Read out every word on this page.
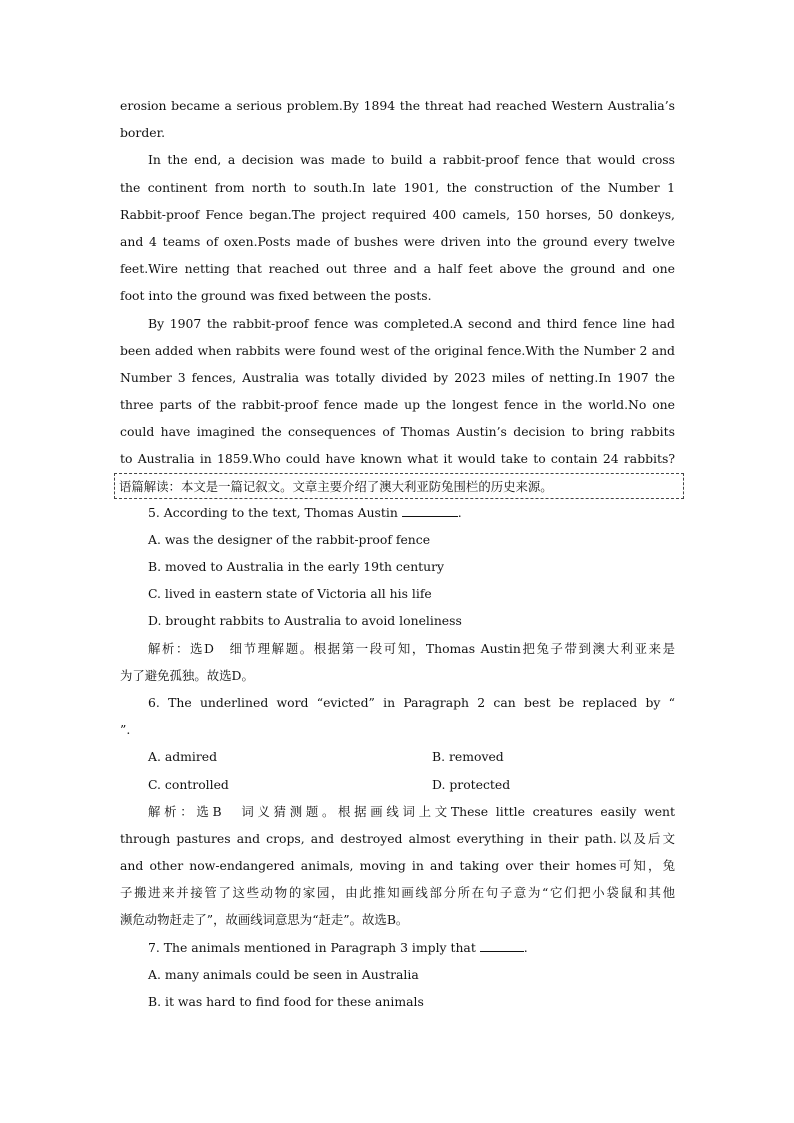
erosion became a serious problem.By 1894 the threat had reached Western Australia’s
border.
In the end, a decision was made to build a rabbit-proof fence that would cross
the continent from north to south.In late 1901, the construction of the Number 1
Rabbit-proof Fence began.The project required 400 camels, 150 horses, 50 donkeys,
and 4 teams of oxen.Posts made of bushes were driven into the ground every twelve
feet.Wire netting that reached out three and a half feet above the ground and one
foot into the ground was fixed between the posts.
By 1907 the rabbit-proof fence was completed.A second and third fence line had
been added when rabbits were found west of the original fence.With the Number 2 and
Number 3 fences, Australia was totally divided by 2023 miles of netting.In 1907 the
three parts of the rabbit-proof fence made up the longest fence in the world.No one
could have imagined the consequences of Thomas Austin’s decision to bring rabbits
to Australia in 1859.Who could have known what it would take to contain 24 rabbits?
语篇解读：本文是一篇记叙文。文章主要介绍了澳大利亚防兔围栏的历史来源。
5. According to the text, Thomas Austin	.
A. was the designer of the rabbit-proof fence
B. moved to Australia in the early 19th century
C. lived in eastern state of Victoria all his life
D. brought rabbits to Australia to avoid loneliness
解析：选D　细节理解题。根据第一段可知，Thomas Austin把兔子带到澳大利亚来是
为了避免孤独。故选D。
6. The underlined word “evicted” in Paragraph 2 can best be replaced by “
”.
A. admired	B. removed
C. controlled	D. protected
解析：选B　词义猜测题。根据画线词上文These little creatures easily went
through pastures and crops, and destroyed almost everything in their path.以及后文
and other now-endangered animals, moving in and taking over their homes可知，兔
子搬进来并接管了这些动物的家园，由此推知画线部分所在句子意为“它们把小袋鼠和其他
濒危动物赶走了”，故画线词意思为“赶走”。故选B。
7. The animals mentioned in Paragraph 3 imply that	.
A. many animals could be seen in Australia
B. it was hard to find food for these animals
